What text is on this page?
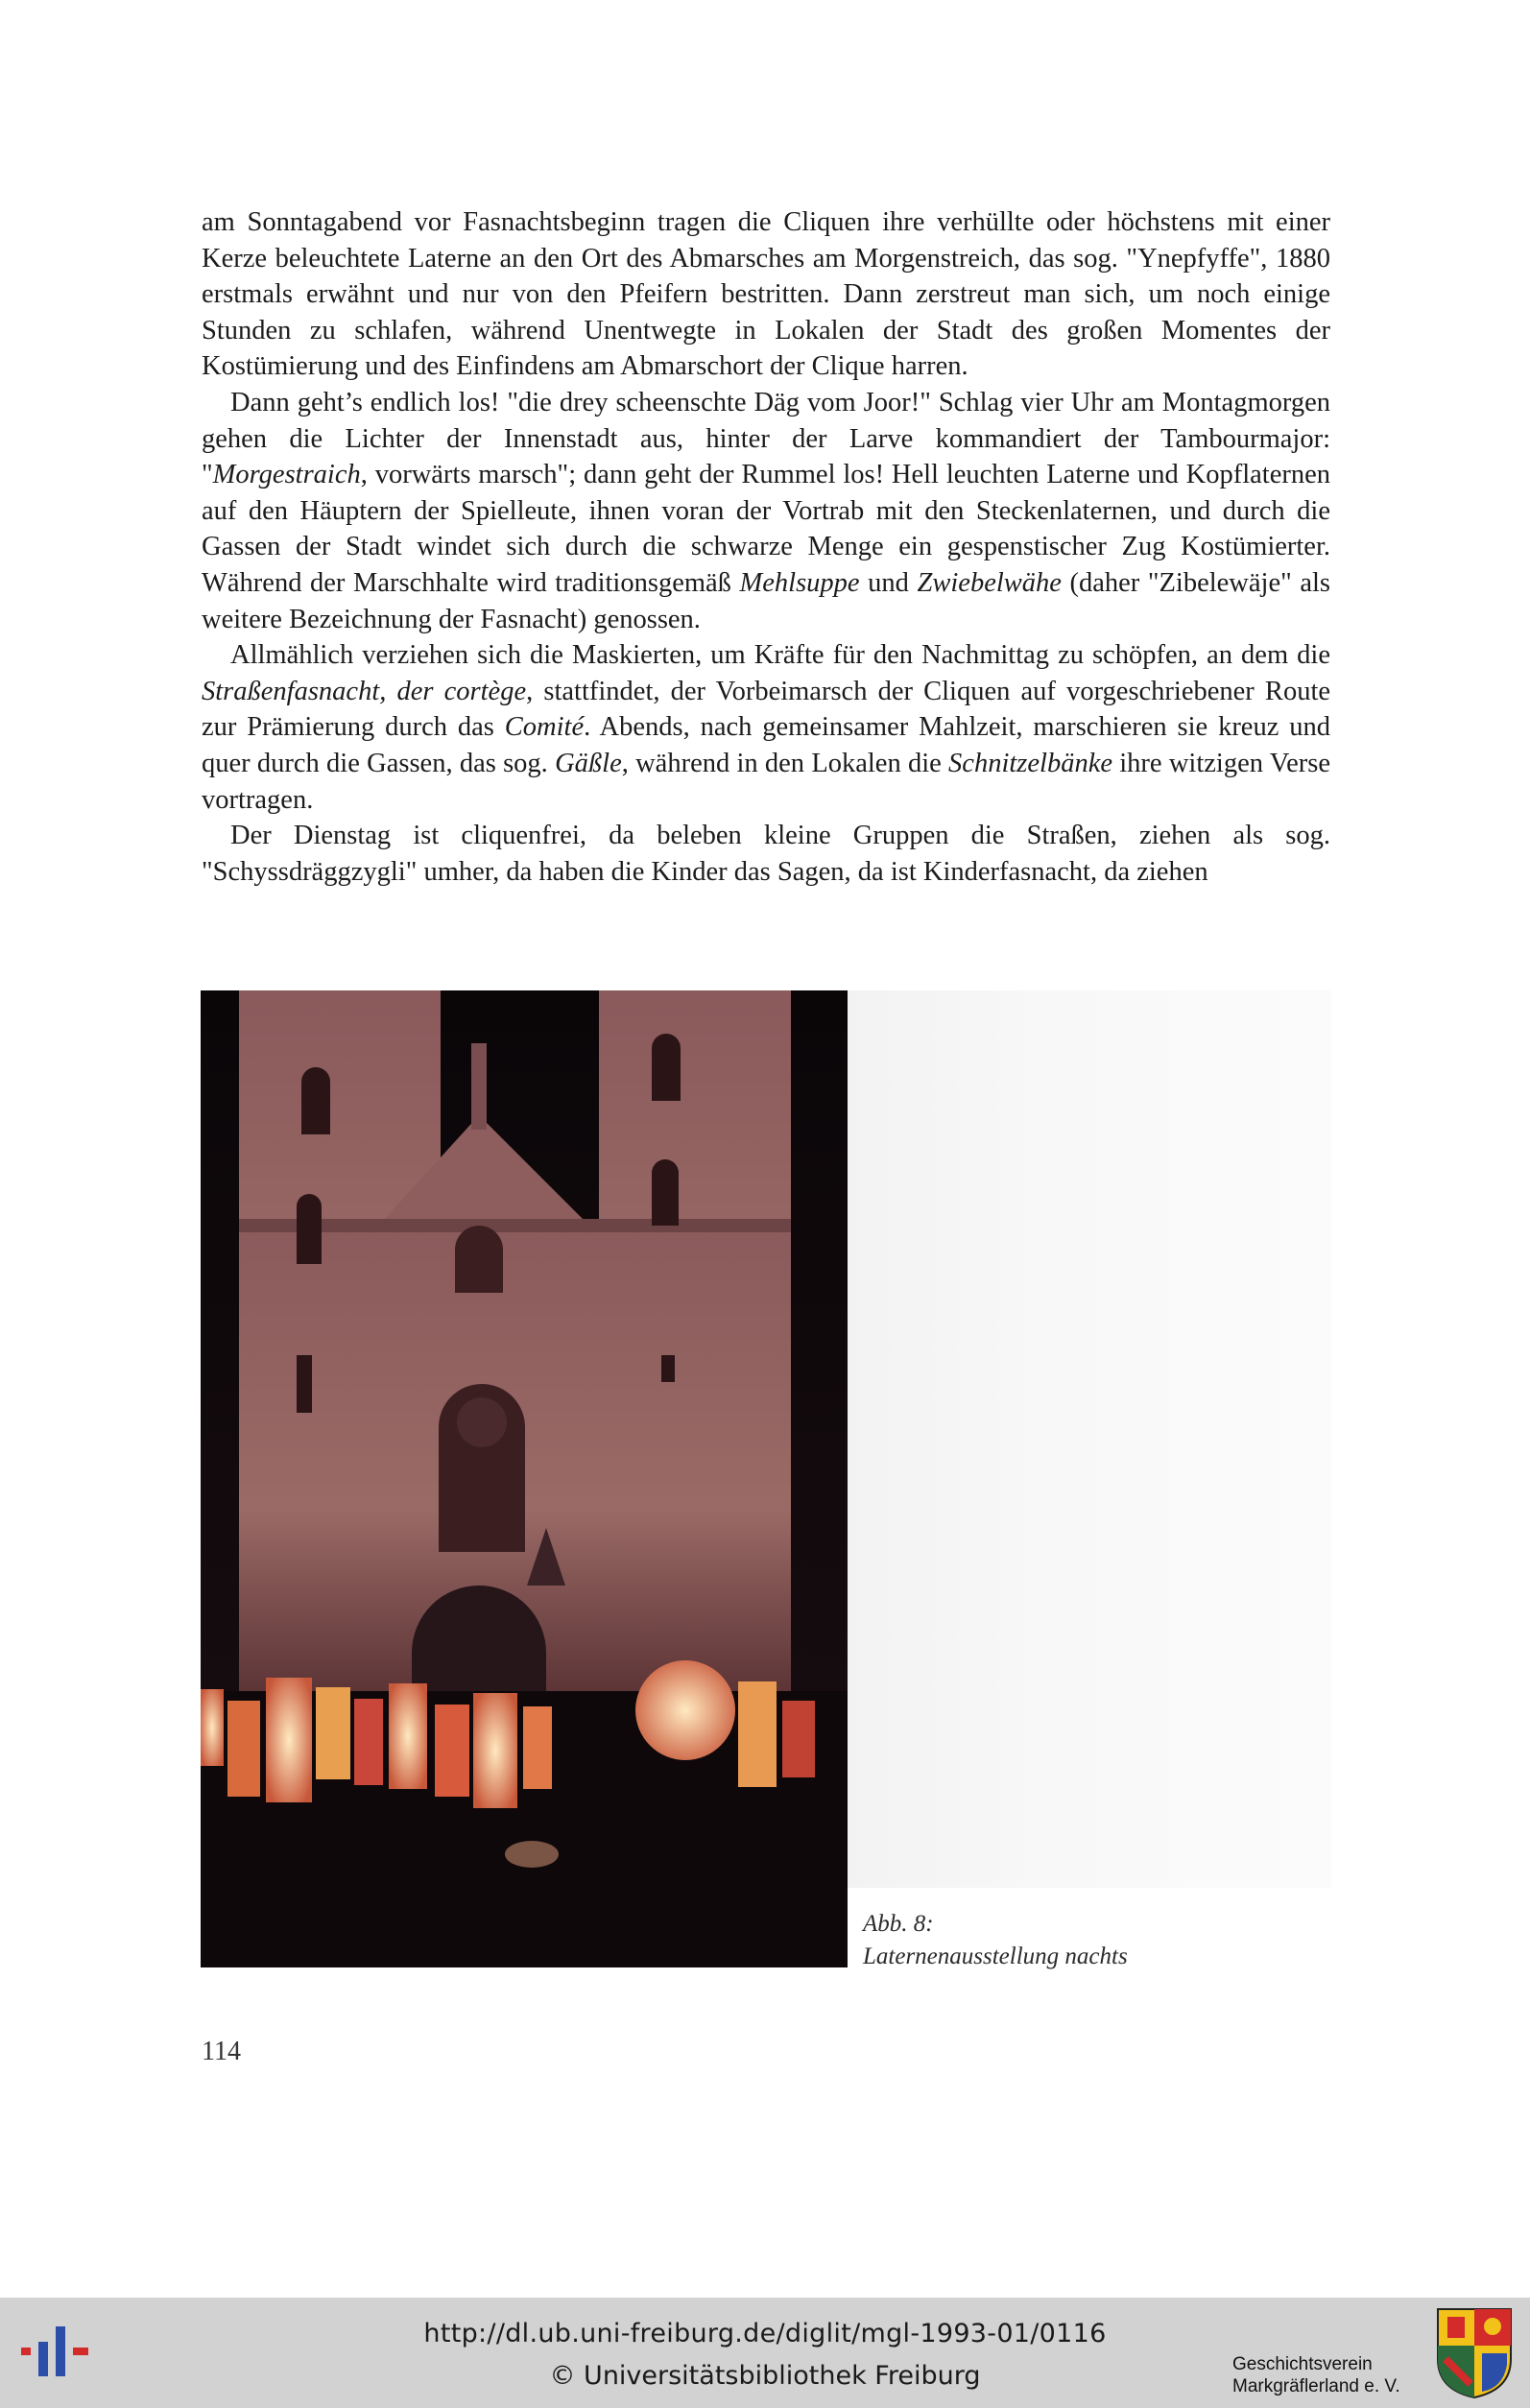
am Sonntagabend vor Fasnachtsbeginn tragen die Cliquen ihre verhüllte oder höchstens mit einer Kerze beleuchtete Laterne an den Ort des Abmarsches am Morgenstreich, das sog. "Ynepfyffe", 1880 erstmals erwähnt und nur von den Pfeifern bestritten. Dann zerstreut man sich, um noch einige Stunden zu schlafen, während Unentwegte in Lokalen der Stadt des großen Momentes der Kostümierung und des Einfindens am Abmarschort der Clique harren.

Dann geht’s endlich los! "die drey scheenschte Däg vom Joor!" Schlag vier Uhr am Montagmorgen gehen die Lichter der Innenstadt aus, hinter der Larve kommandiert der Tambourmajor: "Morgestraich, vorwärts marsch"; dann geht der Rummel los! Hell leuchten Laterne und Kopflaternen auf den Häuptern der Spielleute, ihnen voran der Vortrab mit den Steckenlaternen, und durch die Gassen der Stadt windet sich durch die schwarze Menge ein gespenstischer Zug Kostümierter. Während der Marschhalte wird traditionsgemäß Mehlsuppe und Zwiebelwähe (daher "Zibelewäje" als weitere Bezeichnung der Fasnacht) genossen.

Allmählich verziehen sich die Maskierten, um Kräfte für den Nachmittag zu schöpfen, an dem die Straßenfasnacht, der cortège, stattfindet, der Vorbeimarsch der Cliquen auf vorgeschriebener Route zur Prämierung durch das Comité. Abends, nach gemeinsamer Mahlzeit, marschieren sie kreuz und quer durch die Gassen, das sog. Gäßle, während in den Lokalen die Schnitzelbänke ihre witzigen Verse vortragen.

Der Dienstag ist cliquenfrei, da beleben kleine Gruppen die Straßen, ziehen als sog. "Schyssdräggzygli" umher, da haben die Kinder das Sagen, da ist Kinderfasnacht, da ziehen

Abb. 8:
Laternenausstellung nachts
114
http://dl.ub.uni-freiburg.de/diglit/mgl-1993-01/0116
© Universitätsbibliothek Freiburg	Geschichtsverein
Markgräflerland e. V.
